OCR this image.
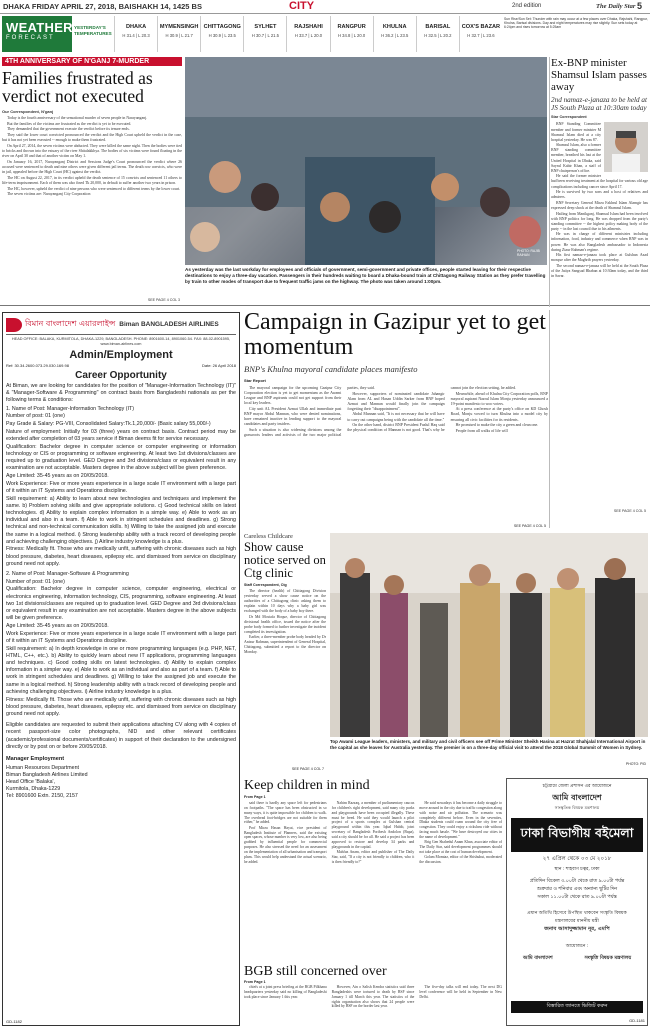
DHAKA FRIDAY APRIL 27, 2018, BAISHAKH 14, 1425 BS	CITY	2nd edition	The Daily Star 5
WEATHER
FORECAST
YESTERDAY'S TEMPERATURES
DHAKA
H 31.4 | L 20.3
MYMENSINGH
H 30.9 | L 21.7
CHITTAGONG
H 30.9 | L 23.5
SYLHET
H 30.7 | L 21.5
RAJSHAHI
H 33.7 | L 20.0
RANGPUR
H 34.8 | L 20.0
KHULNA
H 36.2 | L 23.5
BARISAL
H 32.5 | L 20.2
COX'S BAZAR
H 32.7 | L 23.6
Sun Rise/Sun Set: Thunder with rain may occur at a few places over Dhaka, Rajshahi, Rangpur, Khulna, Barisal divisions. Day and night temperatures may rise slightly. Sun sets today at 6:24pm and rises tomorrow at 5:25am
4TH ANNIVERSARY OF N'GANJ 7-MURDER
Families frustrated as verdict not executed
Our Correspondent, N'ganj

Today is the fourth anniversary of the sensational murder of seven people in Narayanganj.

But the families of the victims are frustrated as the verdict is yet to be executed.

They demanded that the government execute the verdict before its tenure ends.

They said the lower court convicted pronounced the verdict and the High Court upheld the verdict in the case, but it has not yet been executed -- enough to make them frustrated.

On April 27, 2014, the seven victims were abducted. They were killed the same night. Then the bodies were tied to bricks and thrown into the estuary of the river Shitalakkhya. The bodies of six victims were found floating in the river on April 30 and that of another victim on May 1.

On January 16, 2017, Narayanganj District and Sessions Judge's Court pronounced the verdict where 26 accused were sentenced to death and nine others were given different jail terms. The death row convicts, who were in jail, appealed before the High Court (HC) against the verdict.

The HC on August 22, 2017, in its verdict upheld the death sentence of 15 convicts and sentenced 11 others to life-term imprisonment. Each of them was also fined Tk 20,000, in default to suffer another two years in prison.

The HC, however, upheld the verdict of nine persons who were sentenced to different terms by the lower court.

The seven victims are: Narayanganj City Corporation

SEE PAGE 4 COL 3
PHOTO: RAJIB RAIHAN
As yesterday was the last workday for employees and officials of government, semi-government and private offices, people started leaving for their respective destinations to enjoy a three-day vacation. Passengers in their hundreds waiting to board a Dhaka-bound train at Chittagong Railway Station as they prefer travelling by train to other modes of transport due to frequent traffic jams on the highway. The photo was taken around 1:00pm.
Ex-BNP minister Shamsul Islam passes away
2nd namaz-e-janaza to be held at JS South Plaza at 10:30am today
Star Correspondent

BNP Standing Committee member and former minister M Shamsul Islam died at a city hospital yesterday. He was 87.

Shamsul Islam, also a former BNP standing committee member, breathed his last at the United Hospital in Dhaka, said Sayrul Kabir Khan, a staff of BNP chairperson's office.

He said the former minister had been receiving treatment at the hospital for various old age complications including cancer since April 17.

He is survived by two sons and a host of relatives and admirers.

BNP Secretary General Mirza Fakhrul Islam Alamgir has expressed deep shock at the death of Shamsul Islam.

Hailing from Manikganj, Shamsul Islam had been involved with BNP politics for long. He was dropped from the party's standing committee -- the highest policy making body of the party -- in the last council due to his ailments.

He was in charge of different ministries including information, food, industry and commerce when BNP was in power. He was also Bangladesh ambassador to Indonesia during Ziaur Rahman's regime.

His first namaz-e-janaza took place at Gulshan Azad mosque after the Maghrib prayers yesterday.

The second namaz-e-janaza will be held at the South Plaza of the Jatiya Sangsad Bhaban at 10:30am today, and the third in Savar.

SEE PAGE 4 COL 5
বিমান বাংলাদেশ এয়ারলাইন্স Biman BANGLADESH AIRLINES
HEAD OFFICE: BALAKA, KURMITOLA, DHAKA-1229, BANGLADESH. PHONE: 8901600-14, 8901060-54. FAX: 88-02-8901595, www.biman-airlines.com
Admin/Employment
Ref: 30.34.2600.073.29.030.169.98	Date: 26 April 2018
Career Opportunity
At Biman, we are looking for candidates for the position of "Manager-Information Technology (IT)" & "Manager-Software & Programming" on contract basis from Bangladeshi nationals as per the following terms & conditions:

1. Name of Post: Manager-Information Technology (IT)

Number of post: 01 (one)

Pay Grade & Salary: PG-VIII, Consolidated Salary:Tk.1,20,000/- (Basic salary 55,000/-)

Nature of employment: Initially for 03 (three) years on contract basis. Contract period may be extended after completion of 03 years service if Biman deems fit for service necessary.

Qualification: Bachelor degree in computer science or computer engineering or information technology or CIS or programming or software engineering. At least two 1st divisions/classes are required up to graduation level. GED Degree and 3rd divisions/class or equivalent result in any examination are not acceptable. Masters degree in the above subject will be given preference.

Age Limited: 35-45 years as on 20/05/2018.

Work Experience: Five or more years experience in a large scale IT environment with a large part of it within an IT Systems and Operations discipline.

Skill requirement: a) Ability to learn about new technologies and techniques and implement the same. b) Problem solving skills and give appropriate solutions. c) Good technical skills on latest technologies. d) Ability to explain complex information in a simple way. e) Able to work as an individual and also in a team. f) Able to work in stringent schedules and deadlines. g) Strong technical and non-technical communication skills. h) Willing to take the assigned job and execute the same in a logical method. i) Strong leadership ability with a track record of developing people and achieving challenging objectives. j) Airline industry knowledge is a plus.

Fitness: Medically fit. Those who are medically unfit, suffering with chronic diseases such as high blood pressure, diabetes, heart diseases, epilepsy etc. and dismissed from service on disciplinary ground need not apply.

2. Name of Post: Manager-Software & Programming

Number of post: 01 (one)

Qualification: Bachelor degree in computer science, computer engineering, electrical or electronics engineering, information technology, CIS, programming, software engineering. At least two 1st divisions/classes are required up to graduation level. GED Degree and 3rd divisions/class or equivalent result in any examination are not acceptable. Masters degree in the above subjects will be given preference.

Age Limited: 35-45 years as on 20/05/2018.

Work Experience: Five or more years experience in a large scale IT environment with a large part of it within an IT Systems and Operations discipline.

Skill requirement: a) In depth knowledge in one or more programming languages (e.g. PHP, NET, HTML, C++, etc.). b) Ability to quickly learn about new IT applications, programming languages and techniques. c) Good coding skills on latest technologies. d) Ability to explain complex information in a simpler way. e) Able to work as an individual and also as part of a team. f) Able to work in stringent schedules and deadlines. g) Willing to take the assigned job and execute the same in a logical method. h) Strong leadership ability with a track record of developing people and achieving challenging objectives. i) Airline industry knowledge is a plus.

Fitness: Medically fit. Those who are medically unfit, suffering with chronic diseases such as high blood pressure, diabetes, heart diseases, epilepsy etc. and dismissed from service on disciplinary ground need not apply.

Eligible candidates are requested to submit their applications attaching CV along with 4 copies of recent passport-size color photographs, NID and other relevant certificates (academic/professional documents/certificates) in support of their declaration to the undersigned directly or by post on or before 20/05/2018.
Manager Employment

Human Resources Department

Biman Bangladesh Airlines Limited

Head Office 'Balaka',

Kurmitola, Dhaka-1229

Tel: 8901600 Extn. 2150, 2157

GD-1182
Campaign in Gazipur yet to get momentum
BNP's Khulna mayoral candidate places manifesto
Star Report

The mayoral campaign for the upcoming Gazipur City Corporation election is yet to get momentum as the Awami League and BNP aspirants could not get support from their local key leaders.

City unit AL President Azmat Ullah and immediate past BNP mayor Abdul Mannan, who were denied nominations, have remained inactive in lending support to the mayoral candidates and party insiders.

Such a situation is also widening divisions among the grassroots leaders and activists of the two major political parties, they said.

However, supporters of nominated candidate Jahangir Alam from AL and Hasan Uddin Sarker from BNP hoped Azmat and Mannan would finally join the campaign forgetting their "disappointment".

Abdul Mannan said, "It is not necessary that he will have to carry out campaigns being with the candidate all the time."

On the other hand, district BNP President Fazlul Haq said the physical condition of Mannan is not good. That's why he cannot join the election setting, he added.

Meanwhile, ahead of Khulna City Corporation polls, BNP mayoral aspirant Nazrul Islam Monju yesterday announced a 19-point manifesto to woo voters.

At a press conference at the party's office on KD Ghosh Road, Monju vowed to turn Khulna into a model city by ensuring all civic facilities for its residents.

He promised to make the city a green and clean one.

People from all walks of life will

SEE PAGE 4 COL 5
Careless Childcare
Show cause notice served on Ctg clinic
Staff Correspondent, Ctg

The director (health) of Chittagong Division yesterday served a show cause notice on the authorities of a Chittagong clinic asking them to explain within 10 days why a baby girl was exchanged with the body of a baby boy there.

Dr Md Mostafa Hoque, director of Chittagong divisional health office, issued the notice after the probe body formed to further investigate the incident completed its investigation.

Earlier, a three-member probe body headed by Dr Anisur Rahman, superintendent of General Hospital, Chittagong, submitted a report to the director on Monday.

SEE PAGE 4 COL 7
Top Awami League leaders, ministers, and military and civil officers see off Prime Minister Sheikh Hasina at Hazrat Shahjalal International Airport in the capital as she leaves for Australia yesterday. The premier is on a three-day official visit to attend the 2018 Global Summit of Women in Sydney.
PHOTO: PID
Keep children in mind
From Page 1

said there is hardly any space left for pedestrians on footpaths. "The space has been obstructed in so many ways, it is quite impossible for children to walk. The overhead foot-bridges are not suitable for them either," he added.

Prof Mirza Hasan Hayat, vice president of Bangladesh Institute of Planners, said the existing open spaces, whose number is very low, are also being grabbed by influential people for commercial purposes. He also stressed the need for an assessment on the implementation of all urbanisation and transport plans. This would help understand the actual scenario, he added.

Nahim Razzaq, a member of parliamentary caucus for children's right development, said many city parks and playgrounds have been occupied illegally. These must be freed. He said they would launch a pilot project of a sports complex at Gulshan central playground within this year. Iqbal Habib, joint secretary of Bangladesh Poribesh Andolon (Bapa), said a city should be for all. He said a project has been approved to restore and develop 34 parks and playgrounds in the capital.

Mahfuz Anam, editor and publisher of The Daily Star, said, "If a city is not friendly to children, who it is then friendly to?"

He said nowadays it has become a daily struggle to move around in the city due to traffic congestion along with noise and air pollution. The scenario was completely different before. Even in the seventies, Dhaka students could roam around the city free of congestion. They could enjoy a rickshaw ride without facing much hassle. "We have destroyed our cities in the name of development."

Brig Gen Shahedul Anam Khan, associate editor of The Daily Star, said development programmes should not take place at the cost of human development.

Golam Momtaz, editor of the Shishuhut, moderated the discussion.

BGB still concerned over
From Page 1

chiefs at a joint press briefing at the BGB Pilkhana headquarters yesterday said no killing of Bangladeshi took place since January 1 this year.

However, Ain o Salish Kendra statistics said three Bangladeshis were tortured to death by BSF since January 1 till March this year. The statistics of the rights organisation also shows that 24 people were killed by BSF on the border last year.

The five-day talks will end today. The next DG level conference will be held in September in New Delhi.

চট্টগ্রামে জেলা প্রশাসন এর আয়োজনে
আমি বাংলাদেশ
সাংস্কৃতিক বিষয়ক মন্ত্রণালয়
ঢাকা বিভাগীয় বইমেলা
২৭ এপ্রিল থেকে ০৩ মে ২০১৮
স্থান : শাহবাগ চত্বর, ঢাকা
প্রতিদিন বিকেল ৩.০০টা থেকে রাত ৯.০০টা পর্যন্ত
শুক্রবার ও শনিবার এবং অন্যান্য ছুটির দিন
সকাল ১১.০০টা থেকে রাত ৯.০০টা পর্যন্ত
প্রধান অতিথি হিসেবে উপস্থিত থাকবেন সংস্কৃতি বিষয়ক
মন্ত্রণালয়ের মাননীয় মন্ত্রী
জনাব আসাদুজ্জামান নূর, এমপি
আয়োজনে :
আমি বাংলাদেশ	সংস্কৃতি বিষয়ক মন্ত্রণালয়
বিস্তারিত জানতে ভিজিট করুন
GD-1181
